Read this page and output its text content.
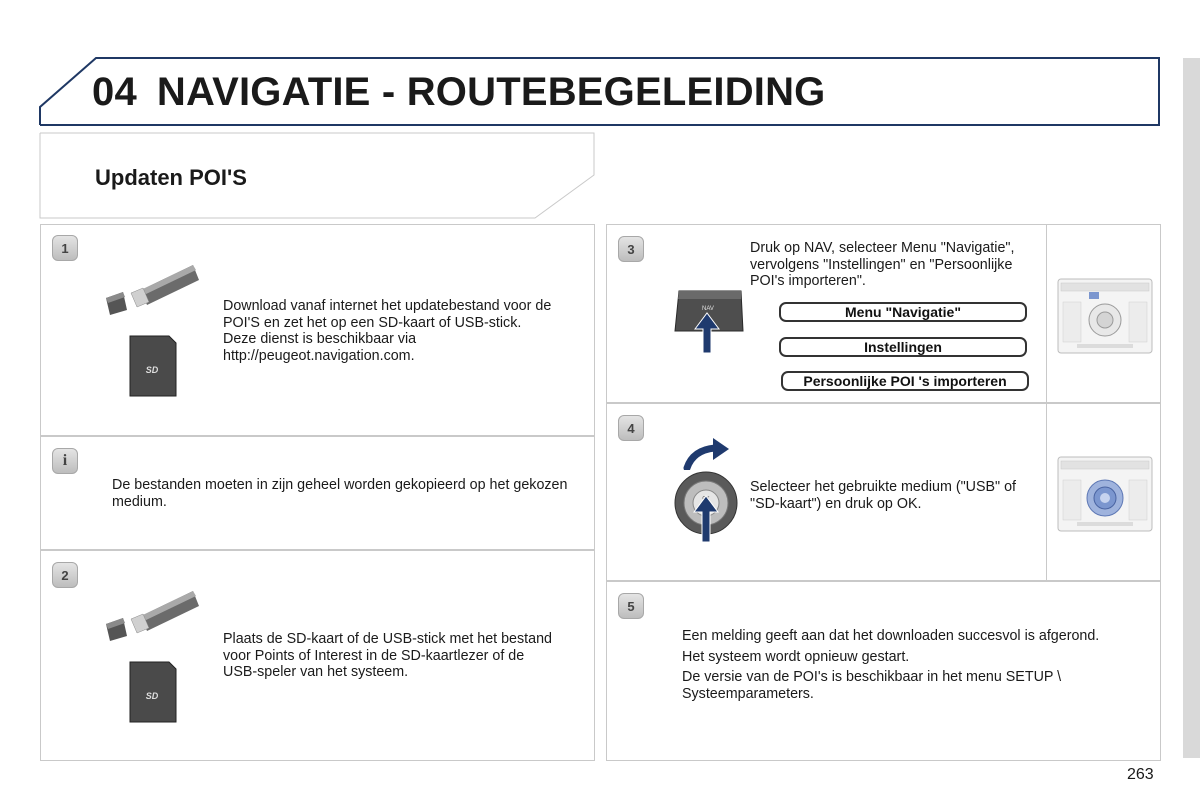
04 NAVIGATIE - ROUTEBEGELEIDING
Updaten POI'S
1
SD
Download vanaf internet het updatebestand voor de POI'S en zet het op een SD-kaart of USB-stick. Deze dienst is beschikbaar via http://peugeot.navigation.com.
i
De bestanden moeten in zijn geheel worden gekopieerd op het gekozen medium.
2
SD
Plaats de SD-kaart of de USB-stick met het bestand voor Points of Interest in de SD-kaartlezer of de USB-speler van het systeem.
3
NAV
Druk op NAV, selecteer Menu "Navigatie", vervolgens "Instellingen" en "Persoonlijke POI's importeren".
Menu "Navigatie"
Instellingen
Persoonlijke POI 's importeren
4
Selecteer het gebruikte medium ("USB" of "SD-kaart") en druk op OK.
5

Een melding geeft aan dat het downloaden succesvol is afgerond.

Het systeem wordt opnieuw gestart.

De versie van de POI's is beschikbaar in het menu SETUP \ Systeemparameters.

263
